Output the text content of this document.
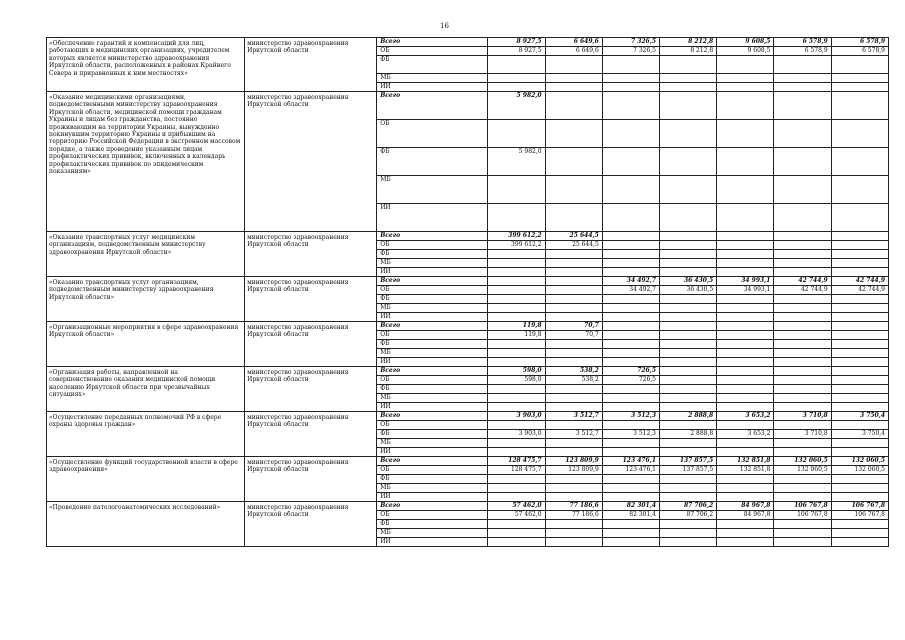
16
«Обеспечение гарантий и компенсаций для лиц, работающих в медицинских организациях, учредителем которых является министерство здравоохранения Иркутской области, расположенных в районах Крайнего Севера и приравненных к ним местностях»	министерство здравоохранения Иркутской области	Всего	8 927,5	6 649,6	7 326,5	8 212,8	9 608,5	6 578,9	6 578,9
		ОБ	8 927,5	6 649,6	7 326,5	8 212,8	9 608,5	6 578,9	6 578,9
		ФБ							
		МБ							
		ИИ							
«Оказание медицинскими организациями, подведомственными министерству здравоохранения Иркутской области, медицинской помощи гражданам Украины и лицам без гражданства, постоянно проживающим на территории Украины, вынужденно покинувшим территорию Украины и прибывшим на территорию Российской Федерации в экстренном массовом порядке, а также проведение указанным лицам профилактических прививок, включенных в календарь профилактических прививок по эпидемическим показаниям»	министерство здравоохранения Иркутской области	Всего	5 982,0						
		ОБ							
		ФБ	5 982,0						
		МБ							
		ИИ							
«Оказание транспортных услуг медицинским организациям, подведомственным министерству здравоохранения Иркутской области»	министерство здравоохранения Иркутской области	Всего	399 612,2	25 644,5					
		ОБ	399 612,2	25 644,5					
		ФБ							
		МБ							
		ИИ							
«Оказание транспортных услуг организациям, подведомственным министерству здравоохранения Иркутской области»	министерство здравоохранения Иркутской области	Всего			34 492,7	36 430,5	34 993,1	42 744,9	42 744,9
		ОБ			34 492,7	36 430,5	34 993,1	42 744,9	42 744,9
		ФБ							
		МБ							
		ИИ							
«Организационные мероприятия в сфере здравоохранения Иркутской области»	министерство здравоохранения Иркутской области	Всего	119,8	70,7					
		ОБ	119,8	70,7					
		ФБ							
		МБ							
		ИИ							
«Организация работы, направленной на совершенствование оказания медицинской помощи населению Иркутской области при чрезвычайных ситуациях»	министерство здравоохранения Иркутской области	Всего	598,0	538,2	726,5				
		ОБ	598,0	538,2	726,5				
		ФБ							
		МБ							
		ИИ							
«Осуществление переданных полномочий РФ в сфере охраны здоровья граждан»	министерство здравоохранения Иркутской области	Всего	3 903,0	3 512,7	3 512,3	2 888,8	3 653,2	3 710,8	3 750,4
		ОБ							
		ФБ	3 903,0	3 512,7	3 512,3	2 888,8	3 653,2	3 710,8	3 750,4
		МБ							
		ИИ							
«Осуществление функций государственной власти в сфере здравоохранения»	министерство здравоохранения Иркутской области	Всего	128 475,7	123 809,9	123 476,1	137 857,5	132 851,8	132 060,5	132 060,5
		ОБ	128 475,7	123 809,9	123 476,1	137 857,5	132 851,8	132 060,5	132 060,5
		ФБ							
		МБ							
		ИИ							
«Проведение патологоанатомических исследований»	министерство здравоохранения Иркутской области	Всего	57 462,0	77 186,6	82 301,4	87 706,2	84 967,8	106 767,8	106 767,8
		ОБ	57 462,0	77 186,6	82 301,4	87 706,2	84 967,8	106 767,8	106 767,8
		ФБ							
		МБ							
		ИИ							
